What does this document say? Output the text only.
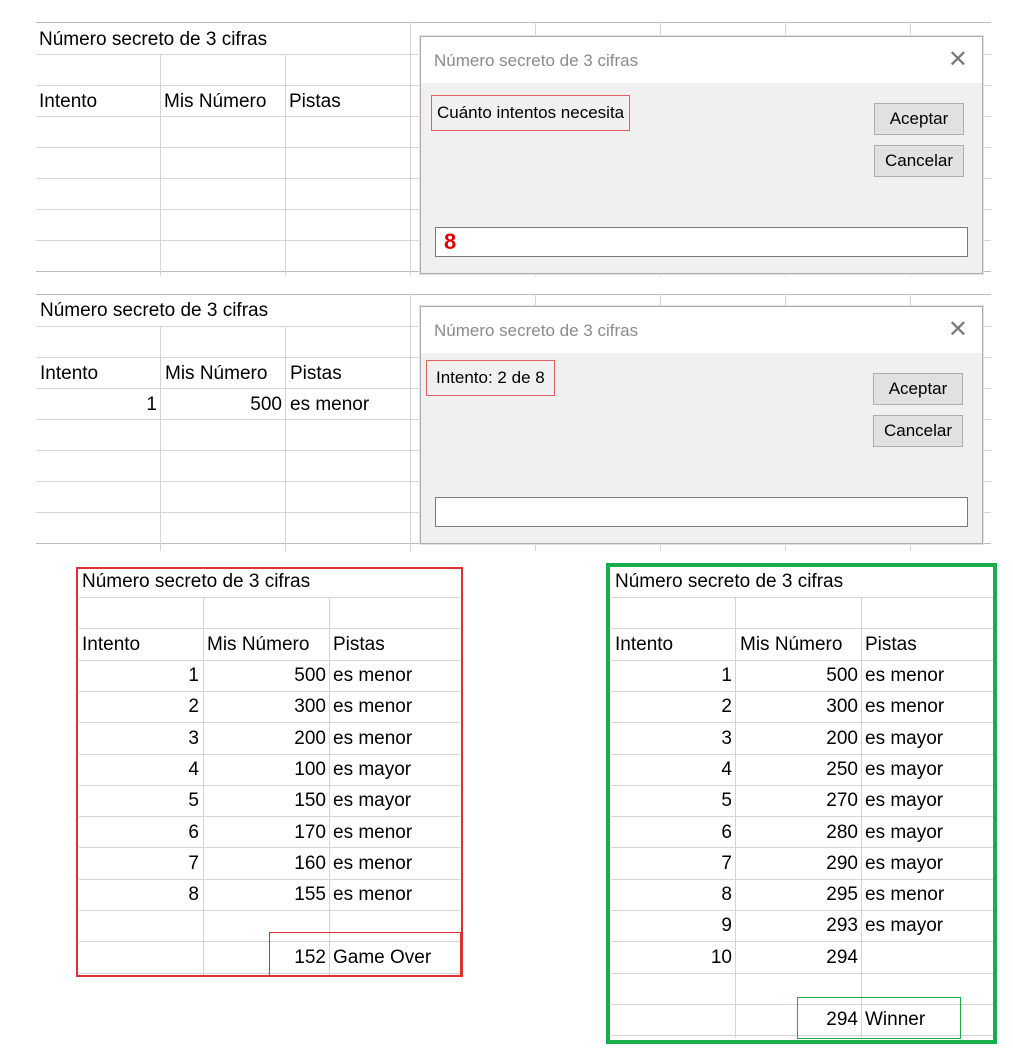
Número secreto de 3 cifras
Intento	Mis Número Pistas
Número secreto de 3 cifras	✕
Cuánto intentos necesita	Aceptar
Cancelar
8
Número secreto de 3 cifras
Intento	Mis Número Pistas
1	500 es menor
Número secreto de 3 cifras	✕
Intento: 2 de 8
Aceptar
Cancelar
Número secreto de 3 cifras
Intento	Mis Número Pistas
1	500 es menor
2	300 es menor
3	200 es menor
4	100 es mayor
5	150 es mayor
6	170 es menor
7	160 es menor
8	155 es menor
152 Game Over
Número secreto de 3 cifras
Intento	Mis Número Pistas
1	500 es menor
2	300 es menor
3	200 es mayor
4	250 es mayor
5	270 es mayor
6	280 es mayor
7	290 es mayor
8	295 es menor
9	293 es mayor
10	294
294 Winner
